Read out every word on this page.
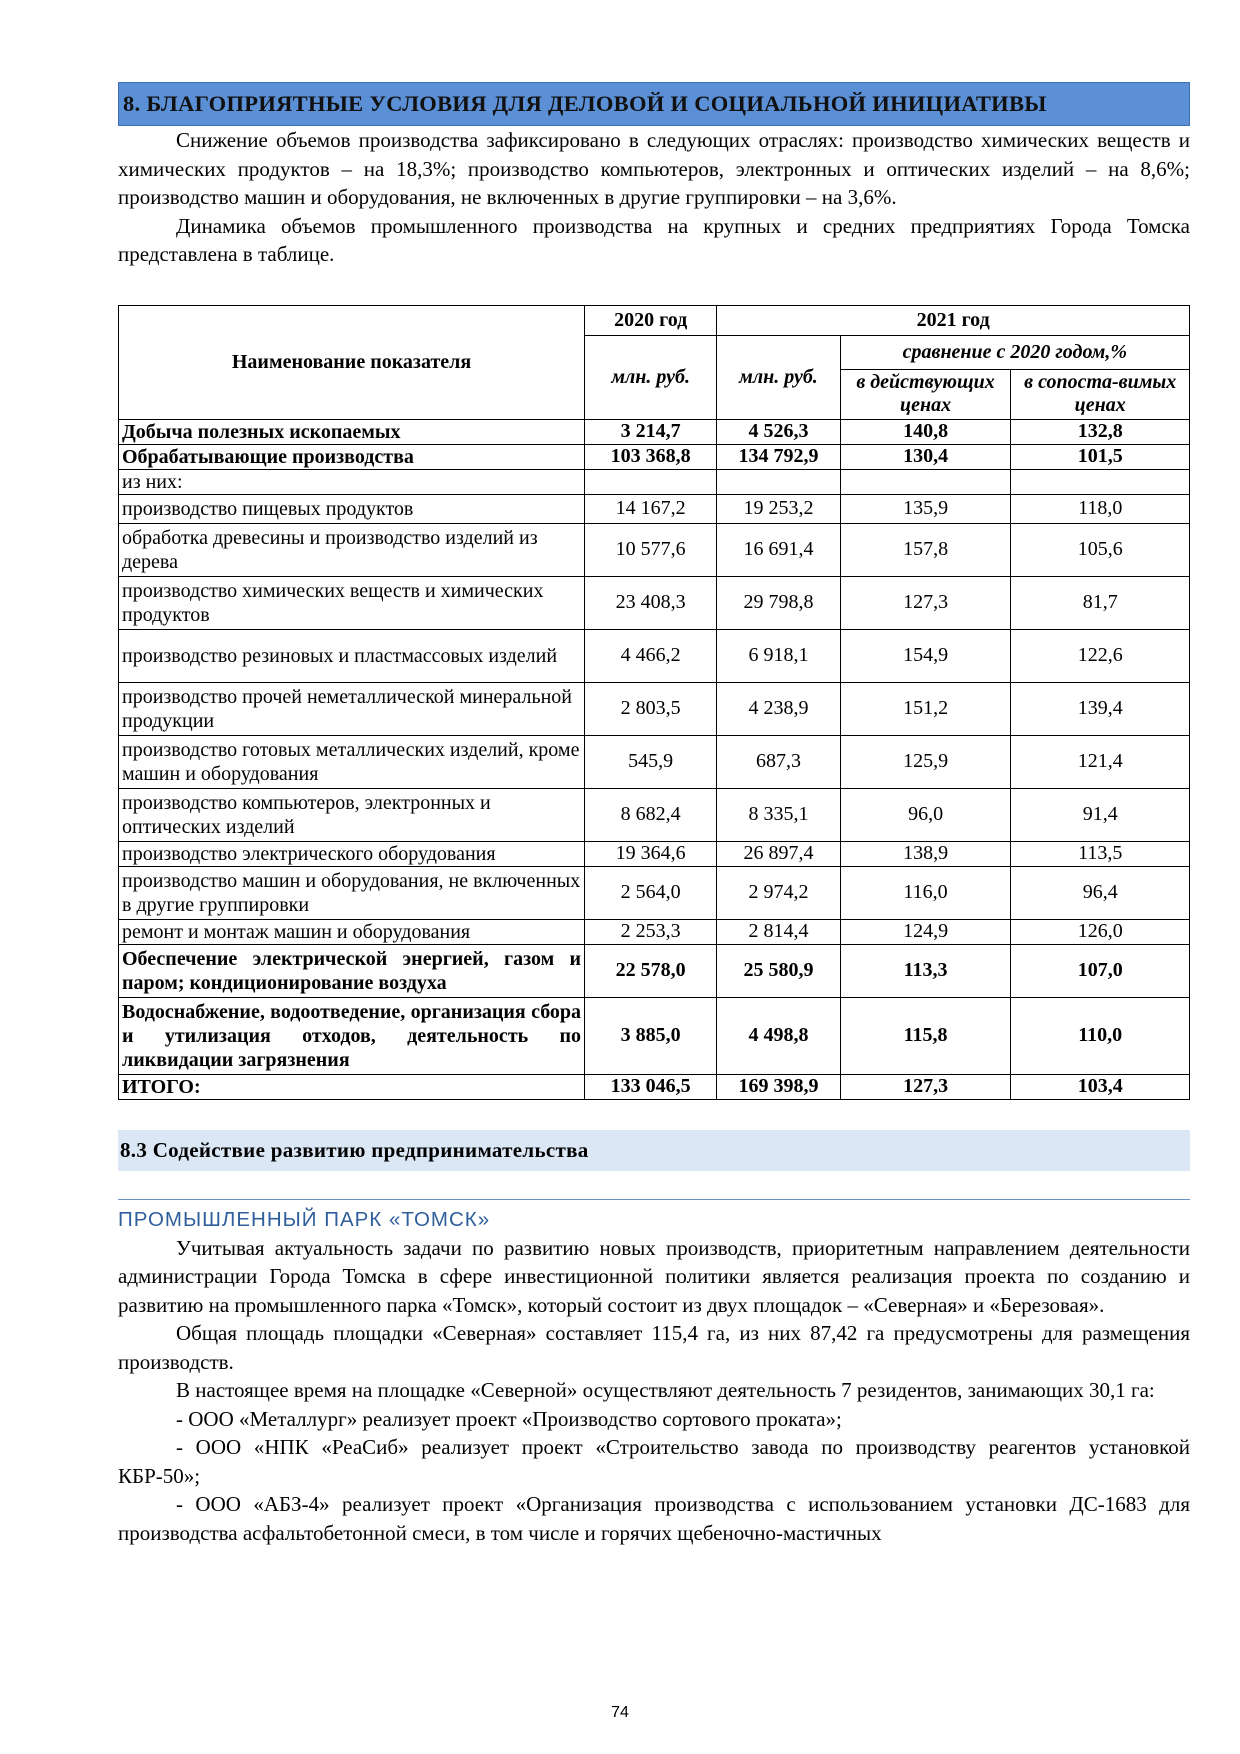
8. БЛАГОПРИЯТНЫЕ УСЛОВИЯ ДЛЯ ДЕЛОВОЙ И СОЦИАЛЬНОЙ ИНИЦИАТИВЫ

Снижение объемов производства зафиксировано в следующих отраслях: производство химических веществ и химических продуктов – на 18,3%; производство компьютеров, электронных и оптических изделий – на 8,6%; производство машин и оборудования, не включенных в другие группировки – на 3,6%.

Динамика объемов промышленного производства на крупных и средних предприятиях Города Томска представлена в таблице.

Наименование показателя	2020 год	2021 год		
	млн. руб.	млн. руб.	сравнение с 2020 годом,%	
			в действующих ценах	в сопоста-вимых ценах
Добыча полезных ископаемых	3 214,7	4 526,3	140,8	132,8
Обрабатывающие производства	103 368,8	134 792,9	130,4	101,5
из них:				
производство пищевых продуктов	14 167,2	19 253,2	135,9	118,0
обработка древесины и производство изделий из дерева	10 577,6	16 691,4	157,8	105,6
производство химических веществ и химических продуктов	23 408,3	29 798,8	127,3	81,7
производство резиновых и пластмассовых изделий	4 466,2	6 918,1	154,9	122,6
производство прочей неметаллической минеральной продукции	2 803,5	4 238,9	151,2	139,4
производство готовых металлических изделий, кроме машин и оборудования	545,9	687,3	125,9	121,4
производство компьютеров, электронных и оптических изделий	8 682,4	8 335,1	96,0	91,4
производство электрического оборудования	19 364,6	26 897,4	138,9	113,5
производство машин и оборудования, не включенных в другие группировки	2 564,0	2 974,2	116,0	96,4
ремонт и монтаж машин и оборудования	2 253,3	2 814,4	124,9	126,0
Обеспечение электрической энергией, газом и паром; кондиционирование воздуха	22 578,0	25 580,9	113,3	107,0
Водоснабжение, водоотведение, организация сбора и утилизация отходов, деятельность по ликвидации загрязнения	3 885,0	4 498,8	115,8	110,0
ИТОГО:	133 046,5	169 398,9	127,3	103,4
8.3 Содействие развитию предпринимательства
ПРОМЫШЛЕННЫЙ ПАРК «ТОМСК»

Учитывая актуальность задачи по развитию новых производств, приоритетным направлением деятельности администрации Города Томска в сфере инвестиционной политики является реализация проекта по созданию и развитию на промышленного парка «Томск», который состоит из двух площадок – «Северная» и «Березовая».

Общая площадь площадки «Северная» составляет 115,4 га, из них 87,42 га предусмотрены для размещения производств.

В настоящее время на площадке «Северной» осуществляют деятельность 7 резидентов, занимающих 30,1 га:

- ООО «Металлург» реализует проект «Производство сортового проката»;

- ООО «НПК «РеаСиб» реализует проект «Строительство завода по производству реагентов установкой КБР-50»;

- ООО «АБЗ-4» реализует проект «Организация производства с использованием установки ДС-1683 для производства асфальтобетонной смеси, в том числе и горячих щебеночно-мастичных

74
